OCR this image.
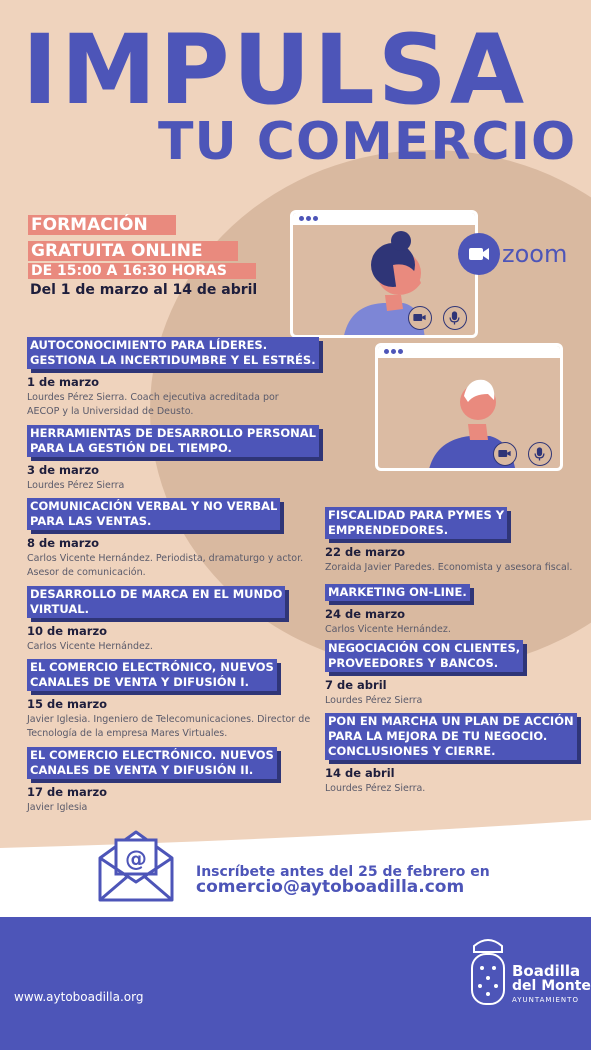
IMPULSA
TU COMERCIO
FORMACIÓN
GRATUITA ONLINE
DE 15:00 A 16:30 HORAS
Del 1 de marzo al 14 de abril
zoom
AUTOCONOCIMIENTO PARA LÍDERES.
GESTIONA LA INCERTIDUMBRE Y EL ESTRÉS.
1 de marzo
Lourdes Pérez Sierra. Coach ejecutiva acreditada por
AECOP y la Universidad de Deusto.
HERRAMIENTAS DE DESARROLLO PERSONAL
PARA LA GESTIÓN DEL TIEMPO.
3 de marzo
Lourdes Pérez Sierra
COMUNICACIÓN VERBAL Y NO VERBAL
PARA LAS VENTAS.
8 de marzo
Carlos Vicente Hernández. Periodista, dramaturgo y actor.
Asesor de comunicación.
DESARROLLO DE MARCA EN EL MUNDO
VIRTUAL.
10 de marzo
Carlos Vicente Hernández.
EL COMERCIO ELECTRÓNICO, NUEVOS
CANALES DE VENTA Y DIFUSIÓN I.
15 de marzo
Javier Iglesia. Ingeniero de Telecomunicaciones. Director de
Tecnología de la empresa Mares Virtuales.
EL COMERCIO ELECTRÓNICO. NUEVOS
CANALES DE VENTA Y DIFUSIÓN II.
17 de marzo
Javier Iglesia
FISCALIDAD PARA PYMES Y
EMPRENDEDORES.
22 de marzo
Zoraida Javier Paredes. Economista y asesora fiscal.
MARKETING ON-LINE.
24 de marzo
Carlos Vicente Hernández.
NEGOCIACIÓN CON CLIENTES,
PROVEEDORES Y BANCOS.
7 de abril
Lourdes Pérez Sierra
PON EN MARCHA UN PLAN DE ACCIÓN
PARA LA MEJORA DE TU NEGOCIO.
CONCLUSIONES Y CIERRE.
14 de abril
Lourdes Pérez Sierra.
@	Inscríbete antes del 25 de febrero en
comercio@aytoboadilla.com
www.aytoboadilla.org
Boadilla
del Monte
AYUNTAMIENTO
